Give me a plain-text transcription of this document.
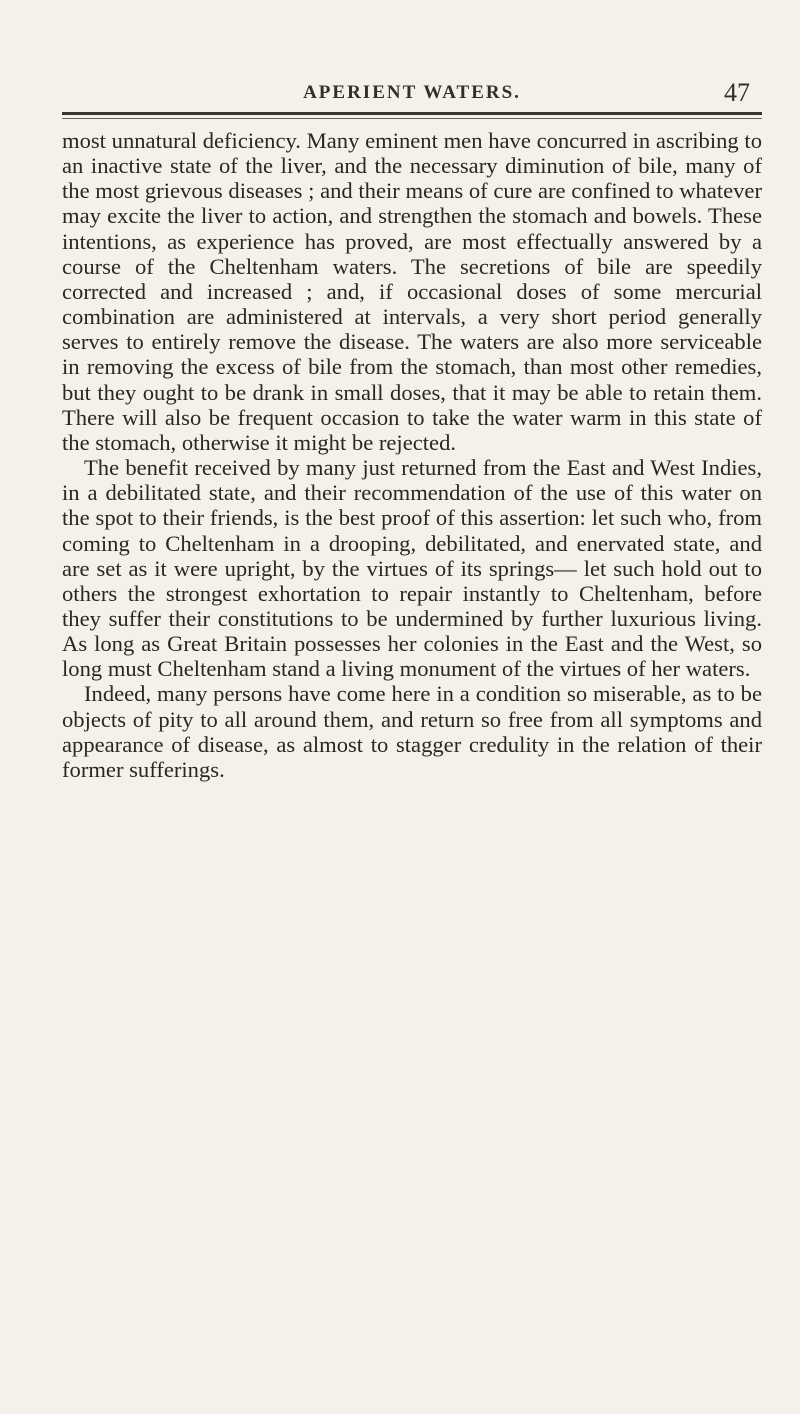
APERIENT WATERS.	47

most unnatural deficiency. Many eminent men have concurred in ascribing to an inactive state of the liver, and the necessary diminution of bile, many of the most grievous diseases ; and their means of cure are confined to whatever may excite the liver to action, and strengthen the stomach and bowels. These intentions, as experience has proved, are most effectually answered by a course of the Cheltenham waters. The secretions of bile are speedily corrected and increased ; and, if occasional doses of some mercurial combination are administered at intervals, a very short period generally serves to entirely remove the disease. The waters are also more serviceable in removing the excess of bile from the stomach, than most other remedies, but they ought to be drank in small doses, that it may be able to retain them. There will also be frequent occasion to take the water warm in this state of the stomach, otherwise it might be rejected.

The benefit received by many just returned from the East and West Indies, in a debilitated state, and their recommendation of the use of this water on the spot to their friends, is the best proof of this assertion: let such who, from coming to Cheltenham in a drooping, debilitated, and enervated state, and are set as it were upright, by the virtues of its springs— let such hold out to others the strongest exhortation to repair instantly to Cheltenham, before they suffer their constitutions to be undermined by further luxurious living. As long as Great Britain possesses her colonies in the East and the West, so long must Cheltenham stand a living monument of the virtues of her waters.

Indeed, many persons have come here in a condition so miserable, as to be objects of pity to all around them, and return so free from all symptoms and appearance of disease, as almost to stagger credulity in the relation of their former sufferings.
